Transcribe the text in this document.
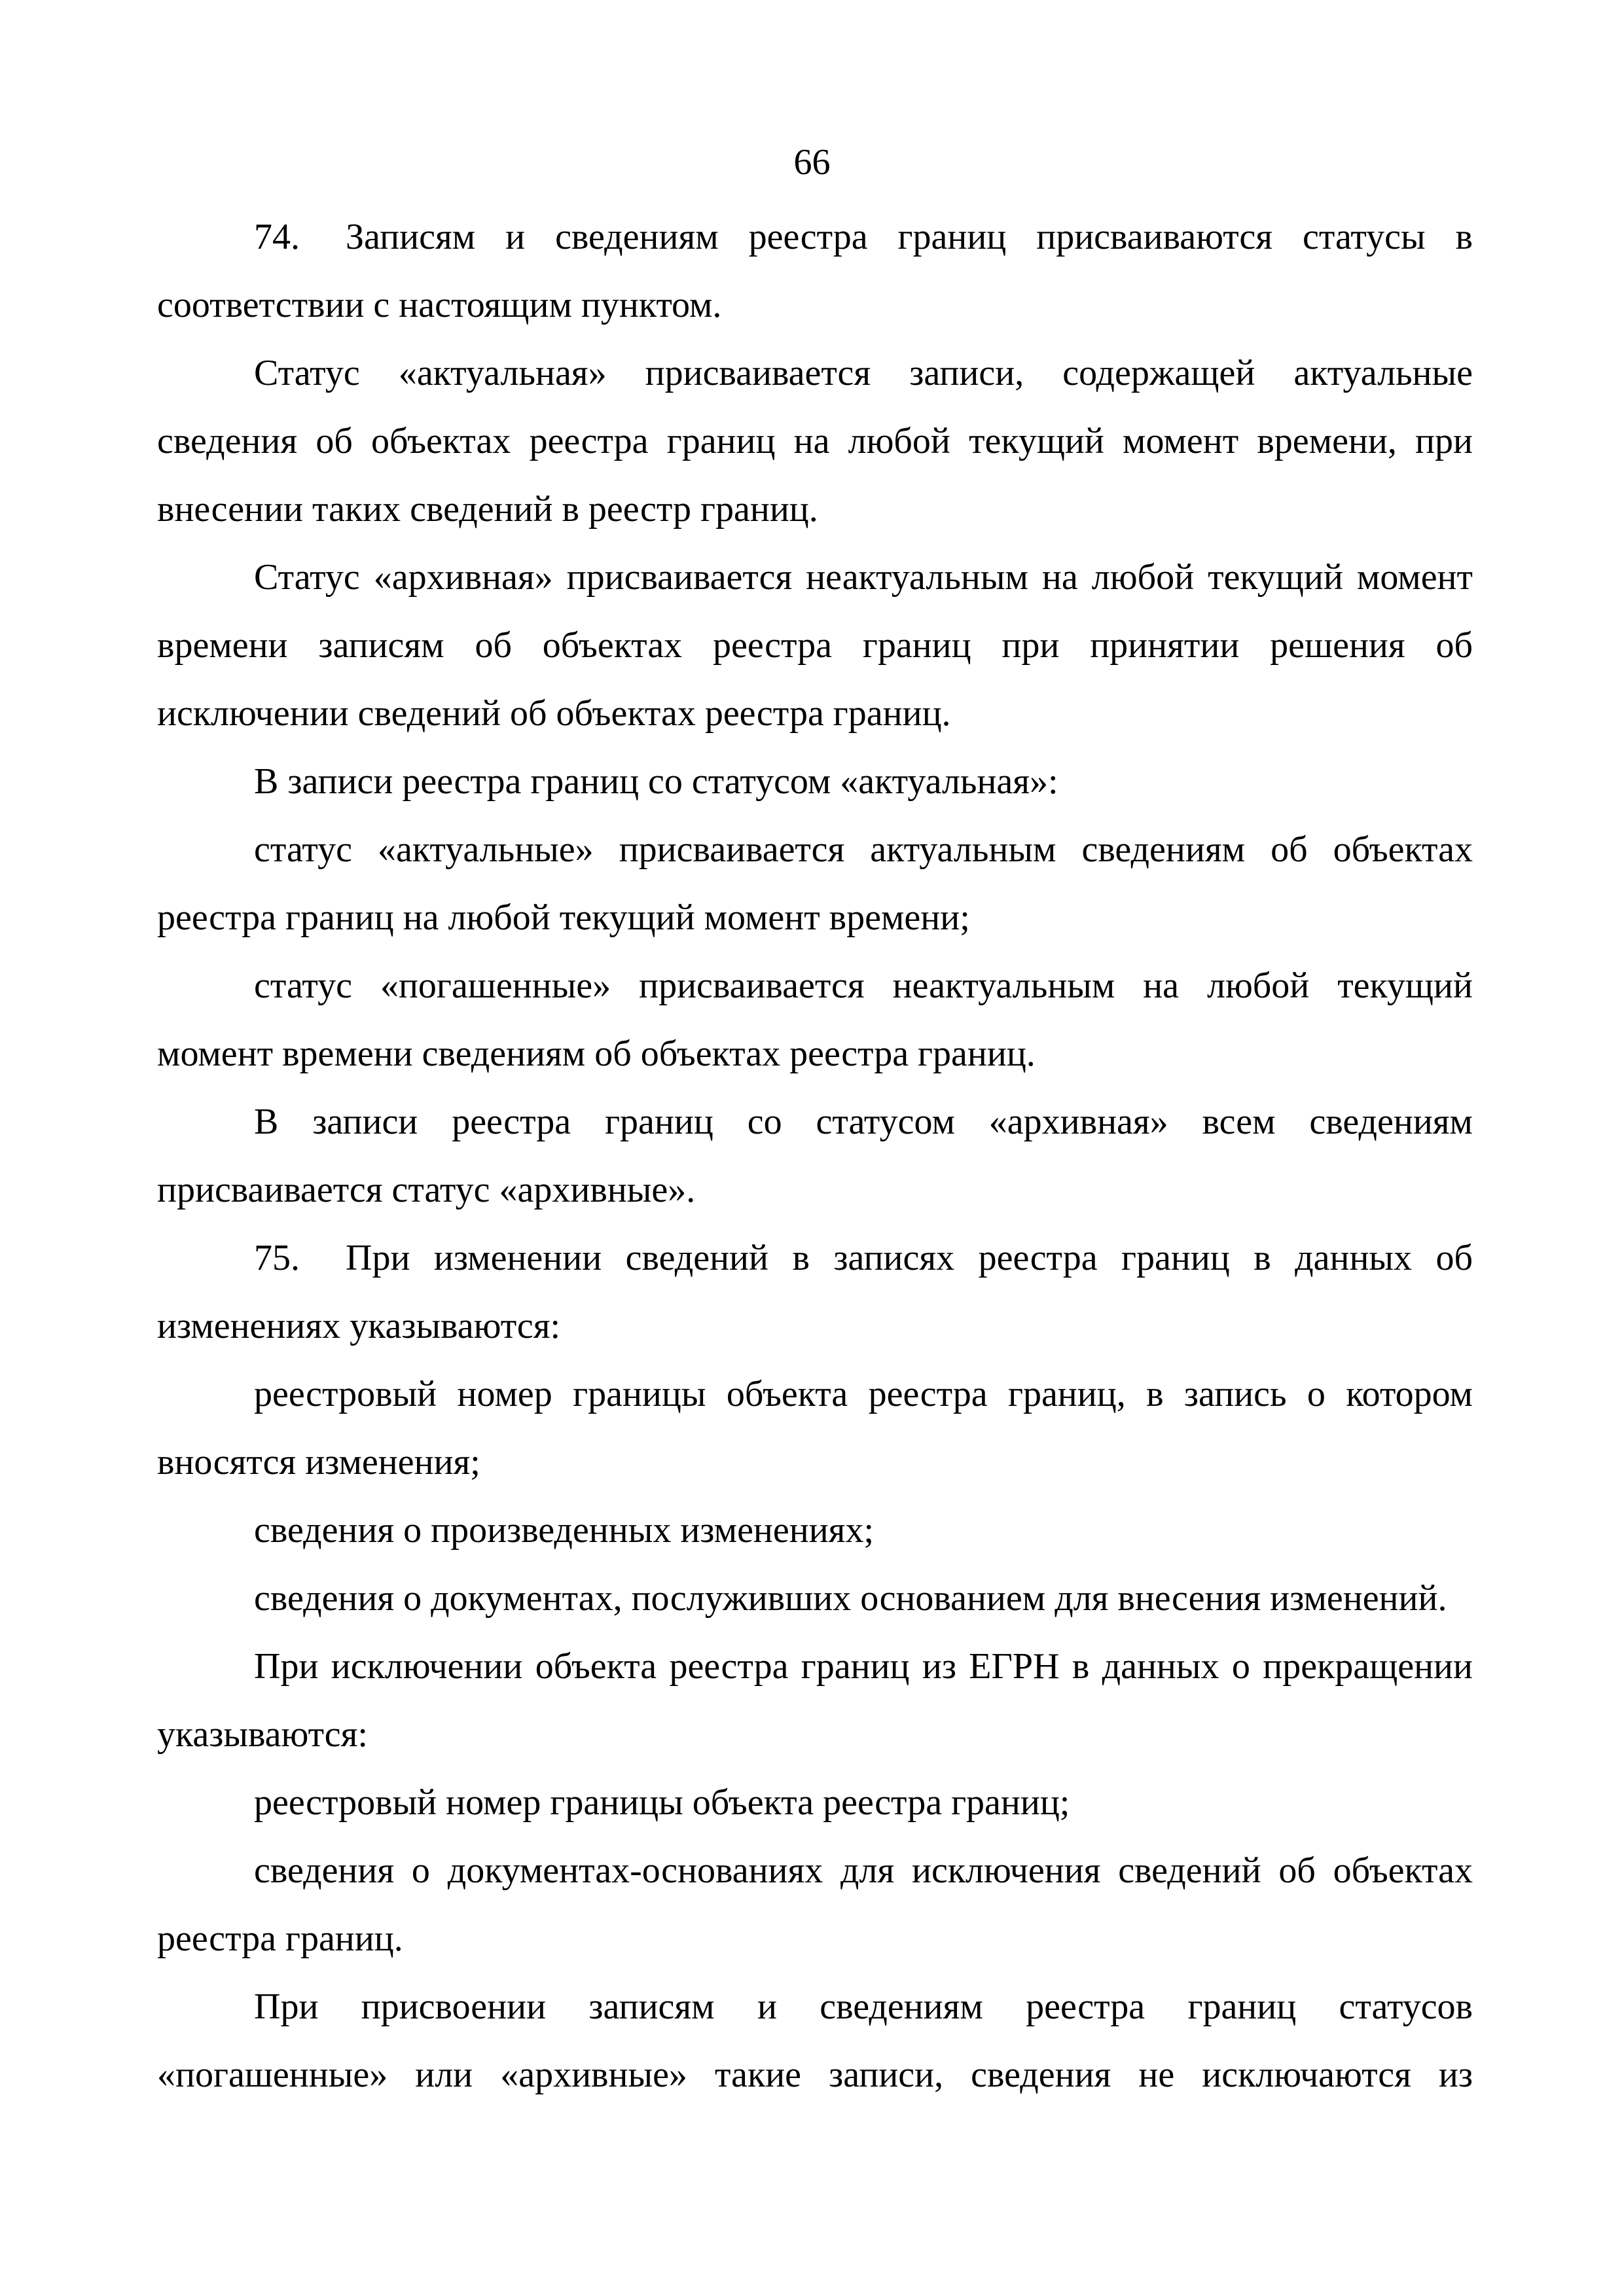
66

74. Записям и сведениям реестра границ присваиваются статусы в соответствии с настоящим пунктом.

Статус «актуальная» присваивается записи, содержащей актуальные сведения об объектах реестра границ на любой текущий момент времени, при внесении таких сведений в реестр границ.

Статус «архивная» присваивается неактуальным на любой текущий момент времени записям об объектах реестра границ при принятии решения об исключении сведений об объектах реестра границ.

В записи реестра границ со статусом «актуальная»:

статус «актуальные» присваивается актуальным сведениям об объектах реестра границ на любой текущий момент времени;

статус «погашенные» присваивается неактуальным на любой текущий момент времени сведениям об объектах реестра границ.

В записи реестра границ со статусом «архивная» всем сведениям присваивается статус «архивные».

75. При изменении сведений в записях реестра границ в данных об изменениях указываются:

реестровый номер границы объекта реестра границ, в запись о котором вносятся изменения;

сведения о произведенных изменениях;

сведения о документах, послуживших основанием для внесения изменений.

При исключении объекта реестра границ из ЕГРН в данных о прекращении указываются:

реестровый номер границы объекта реестра границ;

сведения о документах-основаниях для исключения сведений об объектах реестра границ.

При присвоении записям и сведениям реестра границ статусов «погашенные» или «архивные» такие записи, сведения не исключаются из
